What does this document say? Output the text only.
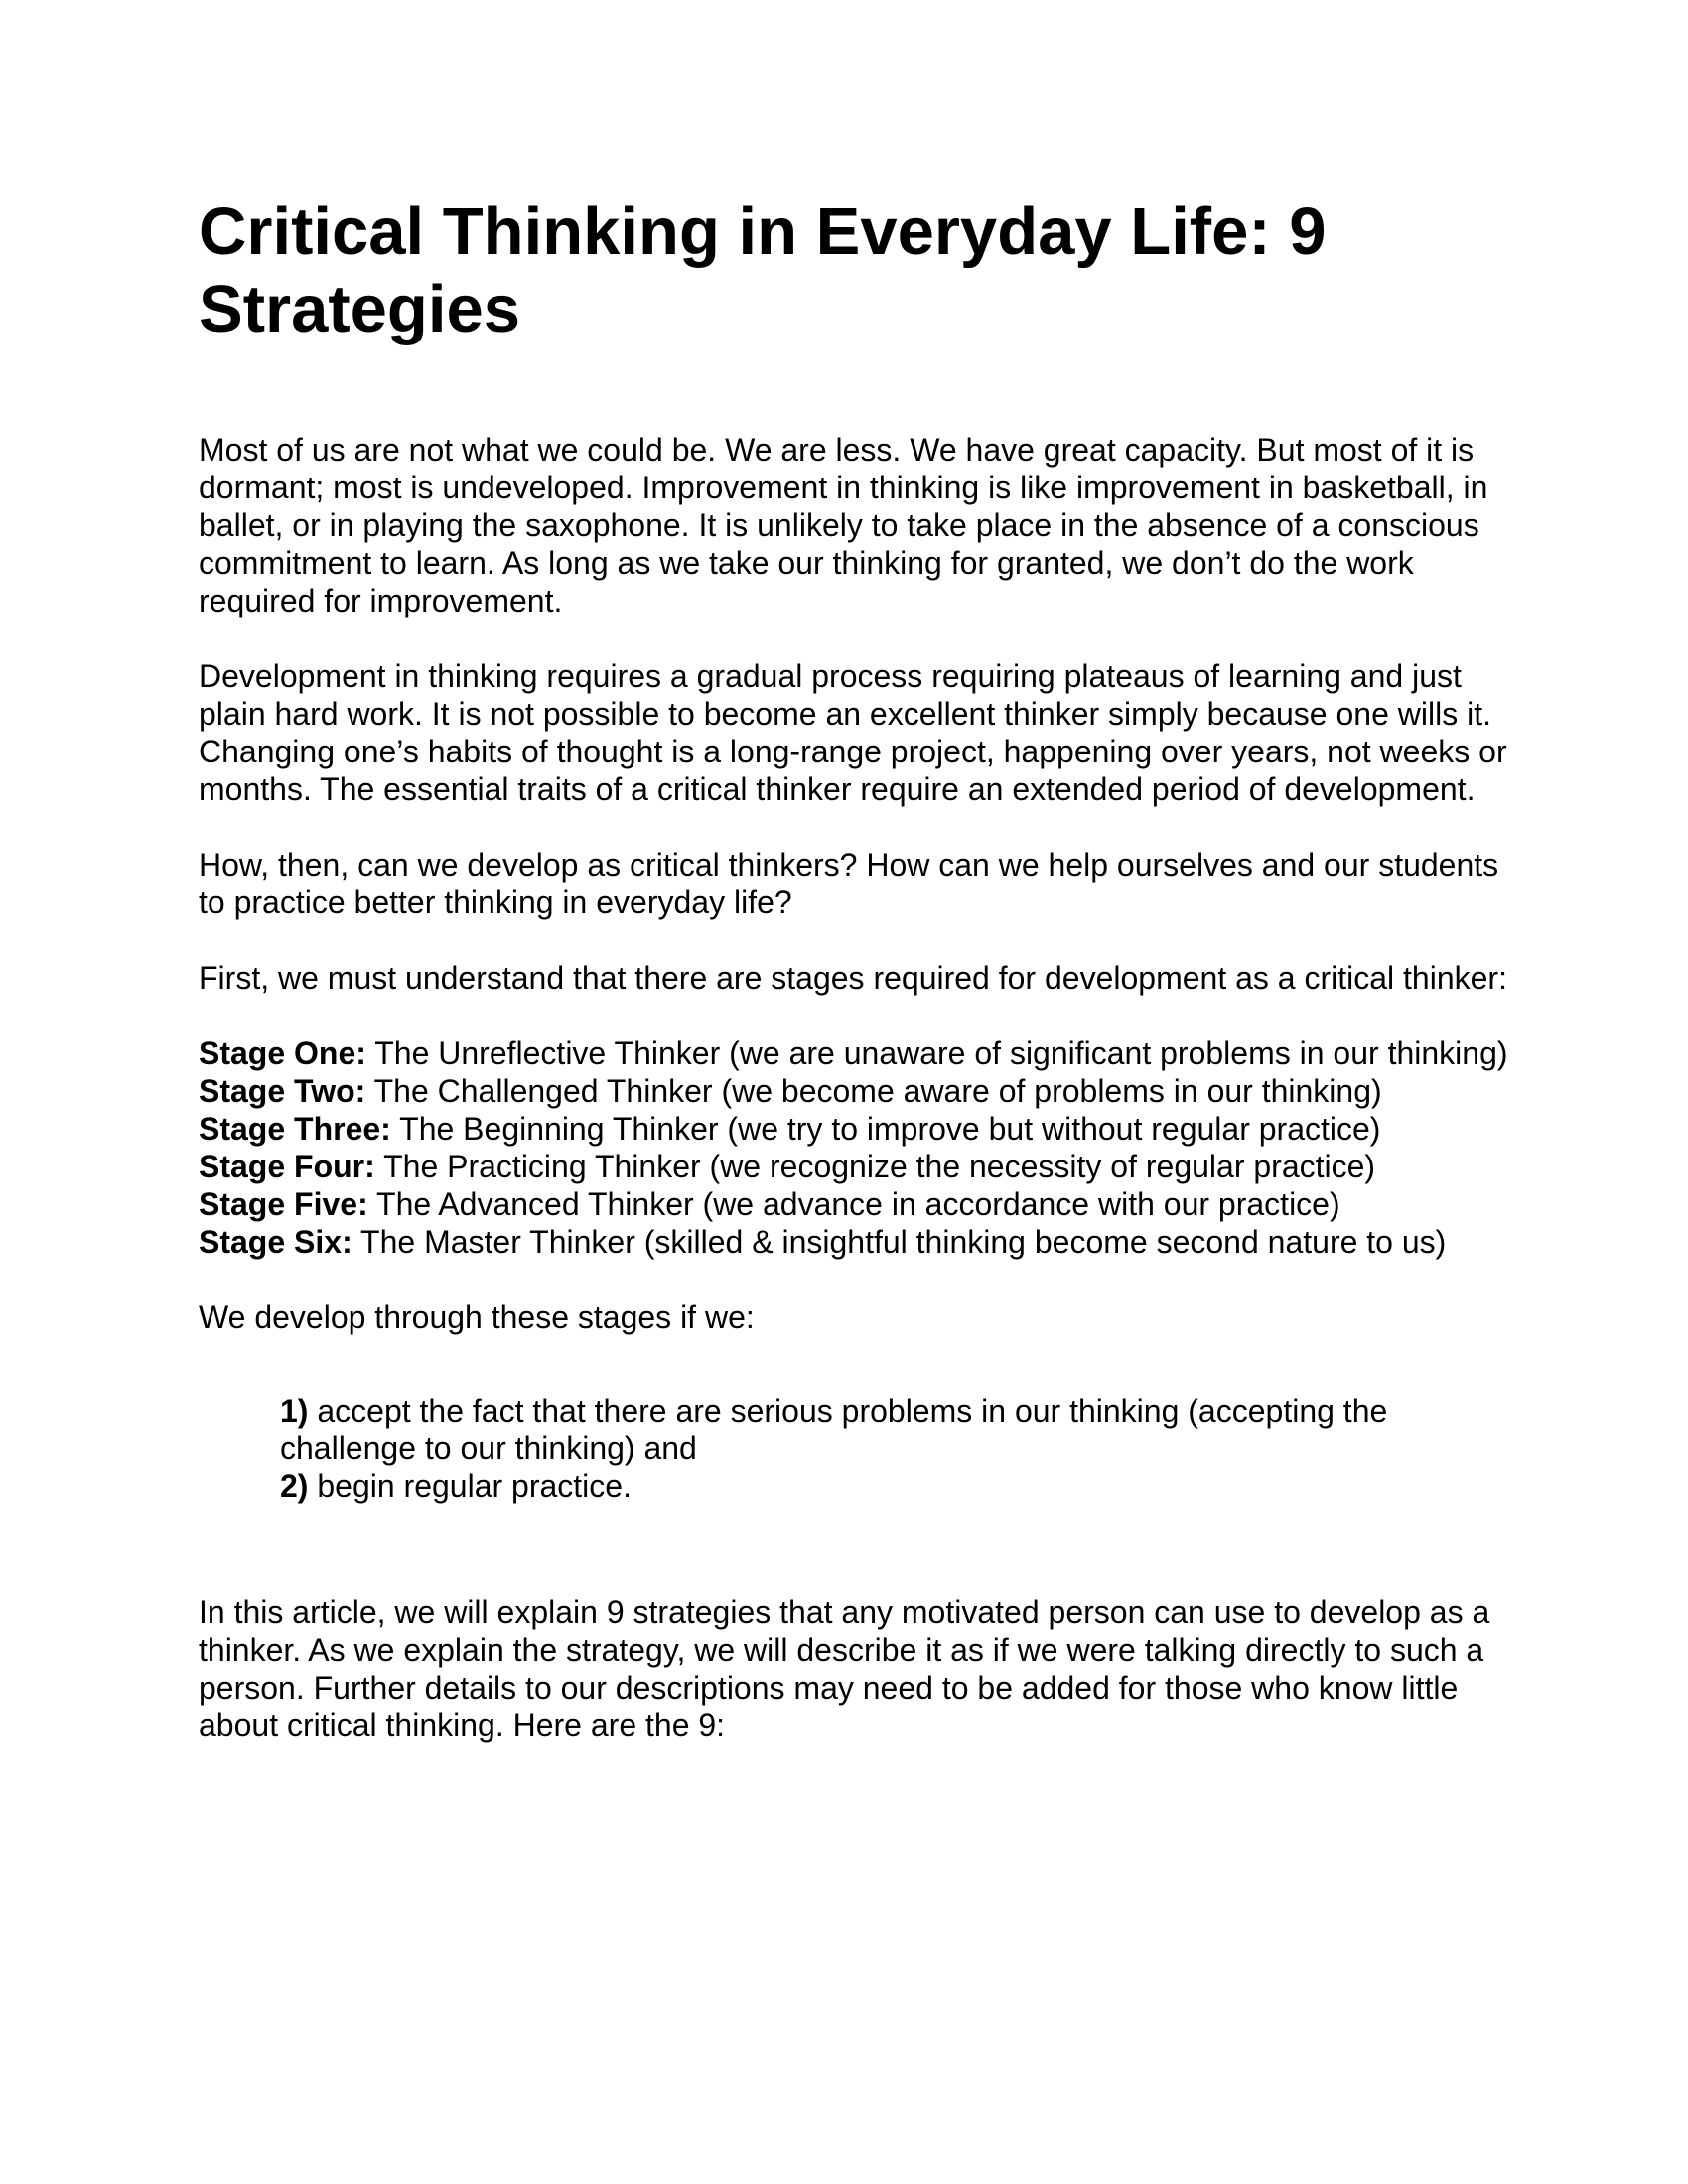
Critical Thinking in Everyday Life: 9 Strategies

Most of us are not what we could be. We are less. We have great capacity. But most of it is dormant; most is undeveloped. Improvement in thinking is like improvement in basketball, in ballet, or in playing the saxophone. It is unlikely to take place in the absence of a conscious commitment to learn. As long as we take our thinking for granted, we don’t do the work required for improvement.

Development in thinking requires a gradual process requiring plateaus of learning and just plain hard work. It is not possible to become an excellent thinker simply because one wills it. Changing one’s habits of thought is a long-range project, happening over years, not weeks or months. The essential traits of a critical thinker require an extended period of development.

How, then, can we develop as critical thinkers? How can we help ourselves and our students to practice better thinking in everyday life?

First, we must understand that there are stages required for development as a critical thinker:

Stage One: The Unreflective Thinker (we are unaware of significant problems in our thinking)

Stage Two: The Challenged Thinker (we become aware of problems in our thinking)

Stage Three: The Beginning Thinker (we try to improve but without regular practice)

Stage Four: The Practicing Thinker (we recognize the necessity of regular practice)

Stage Five: The Advanced Thinker (we advance in accordance with our practice)

Stage Six: The Master Thinker (skilled & insightful thinking become second nature to us)

We develop through these stages if we:

1) accept the fact that there are serious problems in our thinking (accepting the challenge to our thinking) and

2) begin regular practice.

In this article, we will explain 9 strategies that any motivated person can use to develop as a thinker. As we explain the strategy, we will describe it as if we were talking directly to such a person. Further details to our descriptions may need to be added for those who know little about critical thinking. Here are the 9:
